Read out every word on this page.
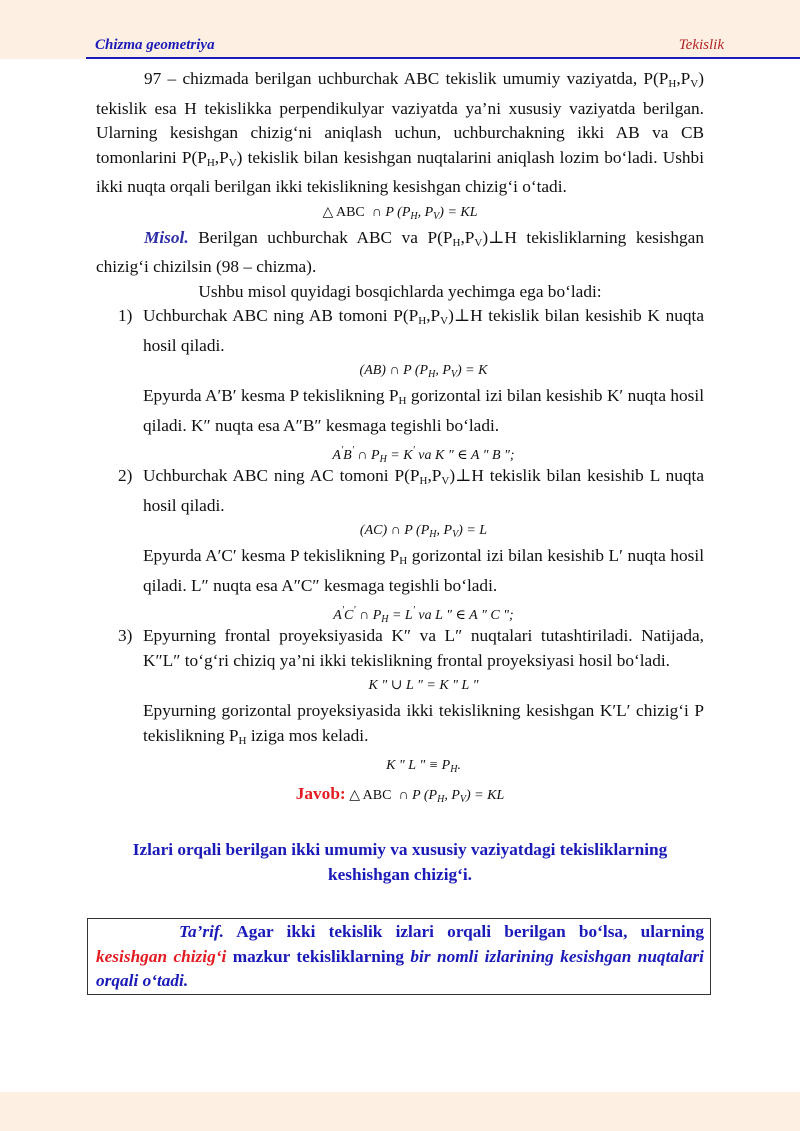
Chizma geometriya	Tekislik

97 – chizmada berilgan uchburchak ABC tekislik umumiy vaziyatda, P(PH,PV) tekislik esa H tekislikka perpendikulyar vaziyatda ya’ni xususiy vaziyatda berilgan. Ularning kesishgan chizig‘ni aniqlash uchun, uchburchakning ikki AB va CB tomonlarini P(PH,PV) tekislik bilan kesishgan nuqtalarini aniqlash lozim bo‘ladi. Ushbi ikki nuqta orqali berilgan ikki tekislikning kesishgan chizig‘i o‘tadi.

△ ABC ∩ P ($P_H$, $P_V$) = KL

Misol. Berilgan uchburchak ABC va P(PH,PV)⊥H tekisliklarning kesishgan chizig‘i chizilsin (98 – chizma).

Ushbu misol quyidagi bosqichlarda yechimga ega bo‘ladi:

1) Uchburchak ABC ning AB tomoni P(PH,PV)⊥H tekislik bilan kesishib K nuqta hosil qiladi.

(AB) ∩ P ($P_H$, $P_V) = K$

Epyurda A′B′ kesma P tekislikning PH gorizontal izi bilan kesishib K′ nuqta hosil qiladi. K″ nuqta esa A″B″ kesmaga tegishli bo‘ladi.

A′B′ ∩ $P_H = K'$ va K " ∈ A " B ";
2) Uchburchak ABC ning AC tomoni P(PH,PV)⊥H tekislik bilan kesishib L nuqta hosil qiladi.

(AC) ∩ P ($P_H$, $P_V) = L$

Epyurda A′C′ kesma P tekislikning PH gorizontal izi bilan kesishib L′ nuqta hosil qiladi. L″ nuqta esa A″C″ kesmaga tegishli bo‘ladi.

A′C′ ∩ $P_H = L'$ va L " ∈ A " C ";
3) Epyurning frontal proyeksiyasida K″ va L″ nuqtalari tutashtiriladi. Natijada, K″L″ to‘g‘ri chiziq ya’ni ikki tekislikning frontal proyeksiyasi hosil bo‘ladi.

K " ∪ L " = K " L "

Epyurning gorizontal proyeksiyasida ikki tekislikning kesishgan K′L′ chizig‘i P tekislikning PH iziga mos keladi.

K " L " ≡ $P_H$.
Javob: △ ABC ∩ P ($P_H$, $P_V$) = KL

Izlari orqali berilgan ikki umumiy va xususiy vaziyatdagi tekisliklarning keshishgan chizig‘i.

Ta’rif. Agar ikki tekislik izlari orqali berilgan bo‘lsa, ularning kesishgan chizig‘i mazkur tekisliklarning bir nomli izlarining kesishgan nuqtalari orqali o‘tadi.
